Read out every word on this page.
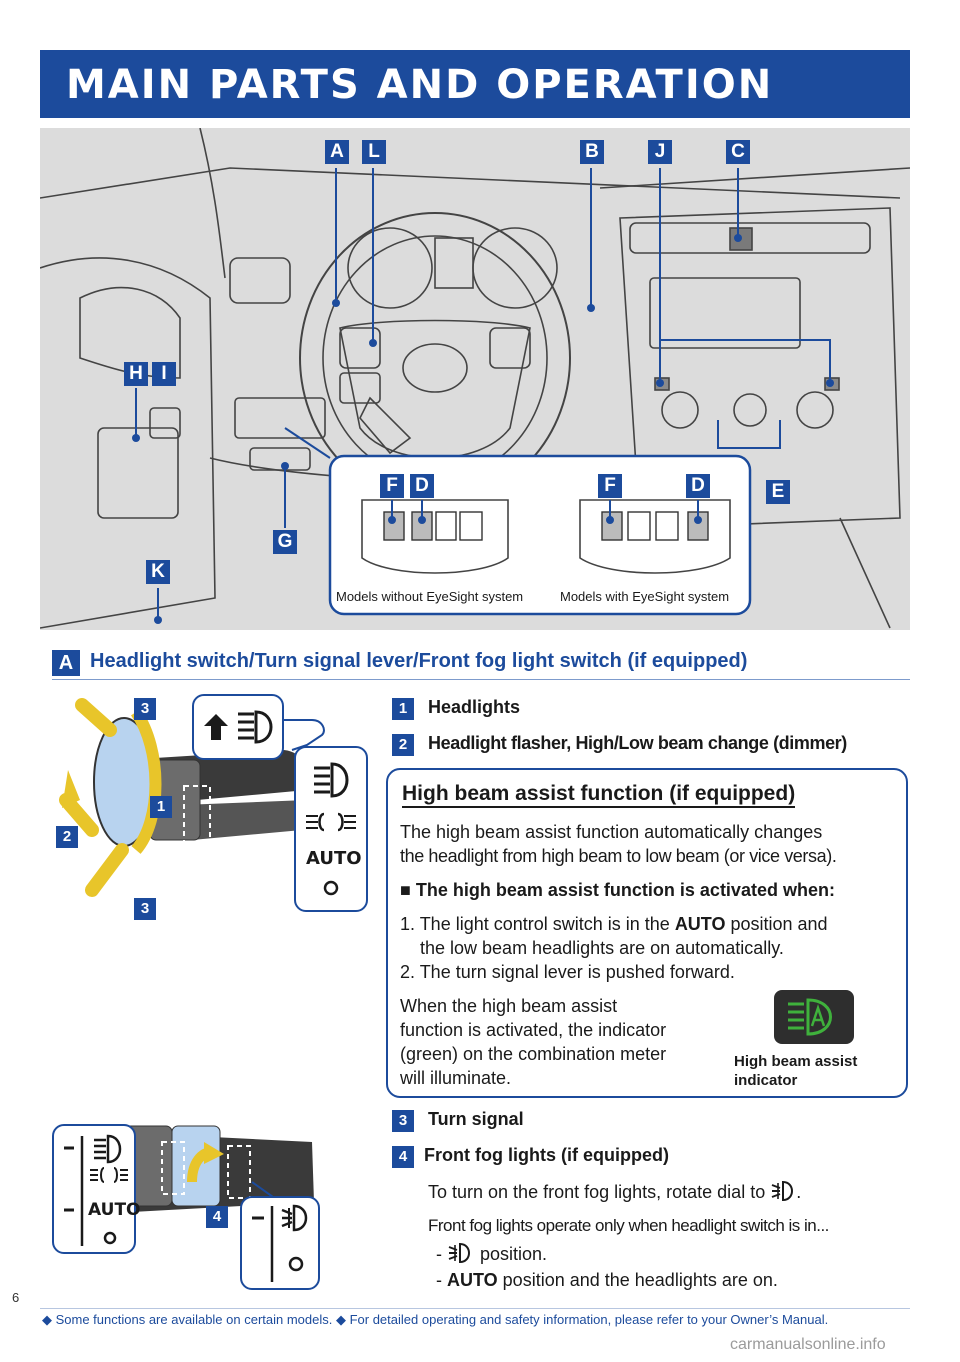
MAIN PARTS AND OPERATION
A	L	B	J	C
H I
E
G
K
F D	F	D
Models without EyeSight system	Models with EyeSight system
A Headlight switch/Turn signal lever/Front fog light switch (if equipped)
3
1
2
3
AUTO
1	Headlights
2	Headlight flasher, High/Low beam change (dimmer)
High beam assist function (if equipped)
The high beam assist function automatically changes
the headlight from high beam to low beam (or vice versa).
■ The high beam assist function is activated when:
1. The light control switch is in the AUTO position and
the low beam headlights are on automatically.
2. The turn signal lever is pushed forward.
When the high beam assist
function is activated, the indicator
(green) on the combination meter
will illuminate.
High beam assist
indicator
AUTO	4
3	Turn signal
4 Front fog lights (if equipped)
To turn on the front fog lights, rotate dial to .
Front fog lights operate only when headlight switch is in...
-  position.
- AUTO position and the headlights are on.
6
◆ Some functions are available on certain models. ◆ For detailed operating and safety information, please refer to your Owner’s Manual.
carmanualsonline.info
